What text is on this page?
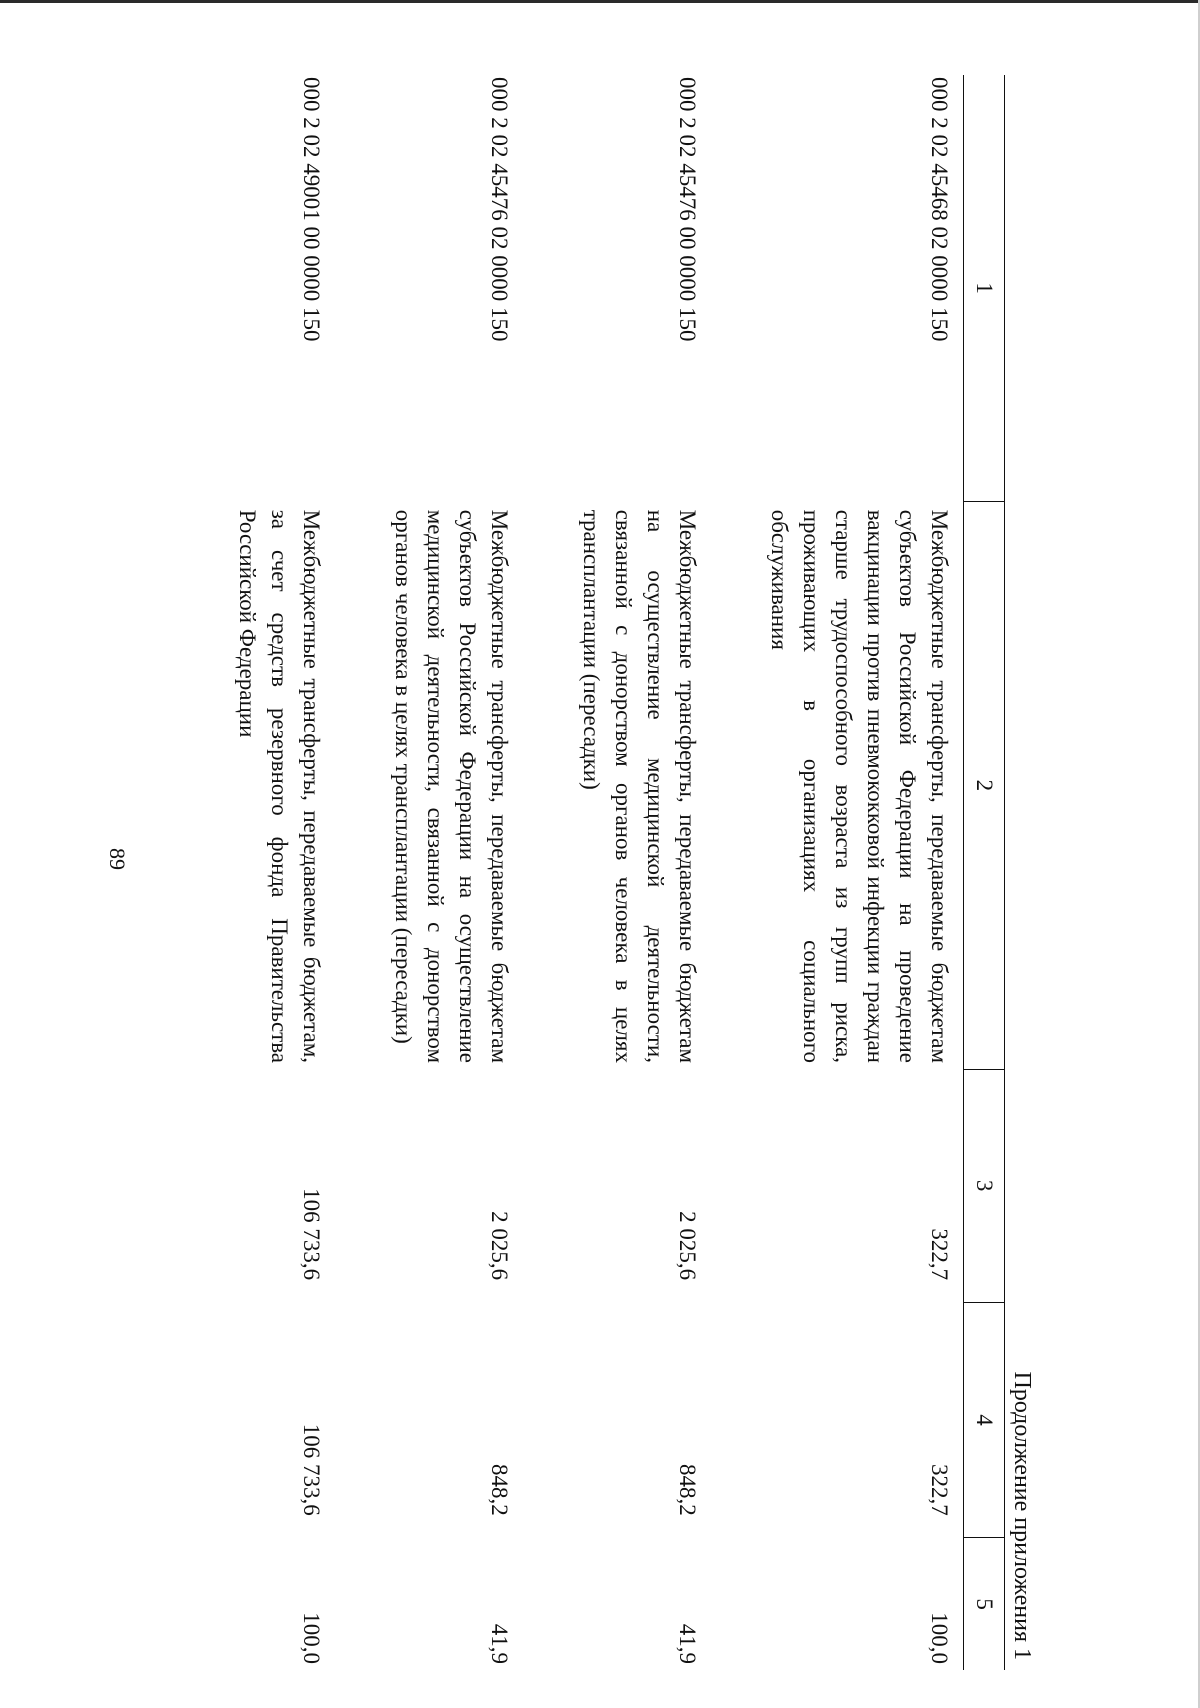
89
Продолжение приложения 1
1	2	3	4	5
000 2 02 45468 02 0000 150	Межбюджетные трансферты, передаваемые бюджетам субъектов Российской Федерации на проведение вакцинации против пневмококковой инфекции граждан старше трудоспособного возраста из групп риска, проживающих в организациях социального обслуживания	322,7	322,7	100,0

000 2 02 45476 00 0000 150	Межбюджетные трансферты, передаваемые бюджетам на осуществление медицинской деятельности, связанной с донорством органов человека в целях трансплантации (пересадки)	2 025,6	848,2	41,9

000 2 02 45476 02 0000 150	Межбюджетные трансферты, передаваемые бюджетам субъектов Российской Федерации на осуществление медицинской деятельности, связанной с донорством органов человека в целях трансплантации (пересадки)	2 025,6	848,2	41,9

000 2 02 49001 00 0000 150	Межбюджетные трансферты, передаваемые бюджетам, за счет средств резервного фонда Правительства Российской Федерации	106 733,6	106 733,6	100,0
